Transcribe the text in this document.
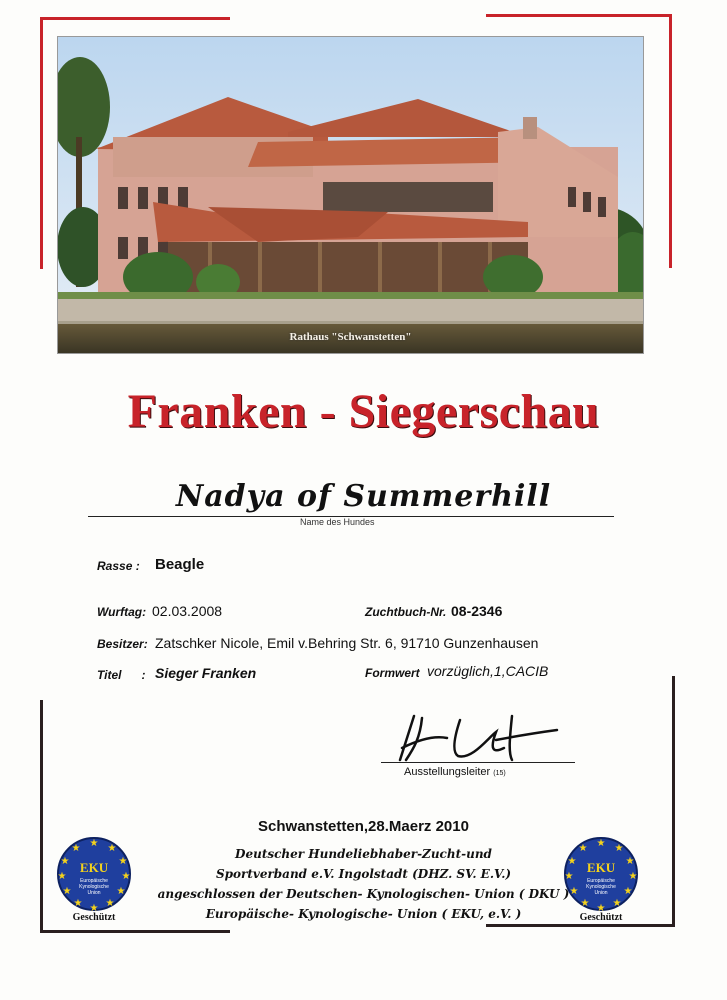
Rathaus "Schwanstetten"
Franken - Siegerschau
Nadya of Summerhill
Name des Hundes
Rasse : Beagle
Wurftag: 02.03.2008	Zuchtbuch-Nr. 08-2346
Besitzer: Zatschker Nicole, Emil v.Behring Str. 6, 91710 Gunzenhausen
Titel      : Sieger Franken	Formwert vorzüglich,1,CACIB
Ausstellungsleiter (15)
Schwanstetten,28.Maerz 2010
Deutscher Hundeliebhaber-Zucht-und
Sportverband e.V. Ingolstadt (DHZ. SV. E.V.)
angeschlossen der Deutschen- Kynologischen- Union ( DKU )
Europäische- Kynologische- Union ( EKU, e.V. )
★ ★
★
★
★
★
★
★
★
★
★
★
EKU
Europäische
Kynologische
Union
Geschützt
★ ★
★
★
★
★
★
★
★
★
★
★
EKU
Europäische
Kynologische
Union
Geschützt
